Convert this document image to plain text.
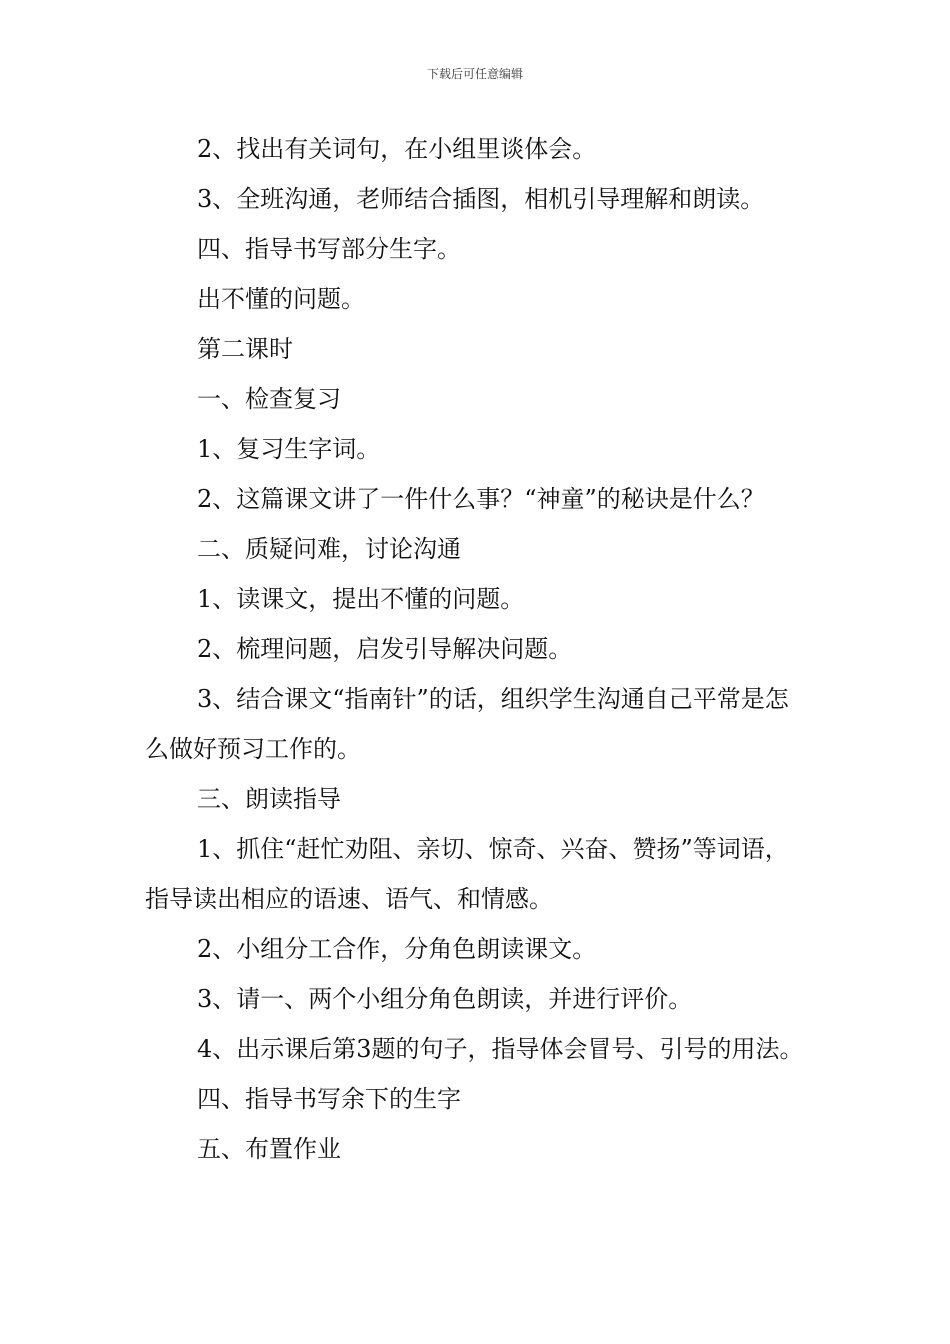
下载后可任意编辑

2、找出有关词句，在小组里谈体会。

3、全班沟通，老师结合插图，相机引导理解和朗读。

四、指导书写部分生字。

出不懂的问题。

第二课时

一、检查复习

1、复习生字词。

2、这篇课文讲了一件什么事？“神童”的秘诀是什么？

二、质疑问难，讨论沟通

1、读课文，提出不懂的问题。

2、梳理问题，启发引导解决问题。

3、结合课文“指南针”的话，组织学生沟通自己平常是怎么做好预习工作的。

三、朗读指导

1、抓住“赶忙劝阻、亲切、惊奇、兴奋、赞扬”等词语，指导读出相应的语速、语气、和情感。

2、小组分工合作，分角色朗读课文。

3、请一、两个小组分角色朗读，并进行评价。

4、出示课后第3题的句子，指导体会冒号、引号的用法。

四、指导书写余下的生字

五、布置作业
